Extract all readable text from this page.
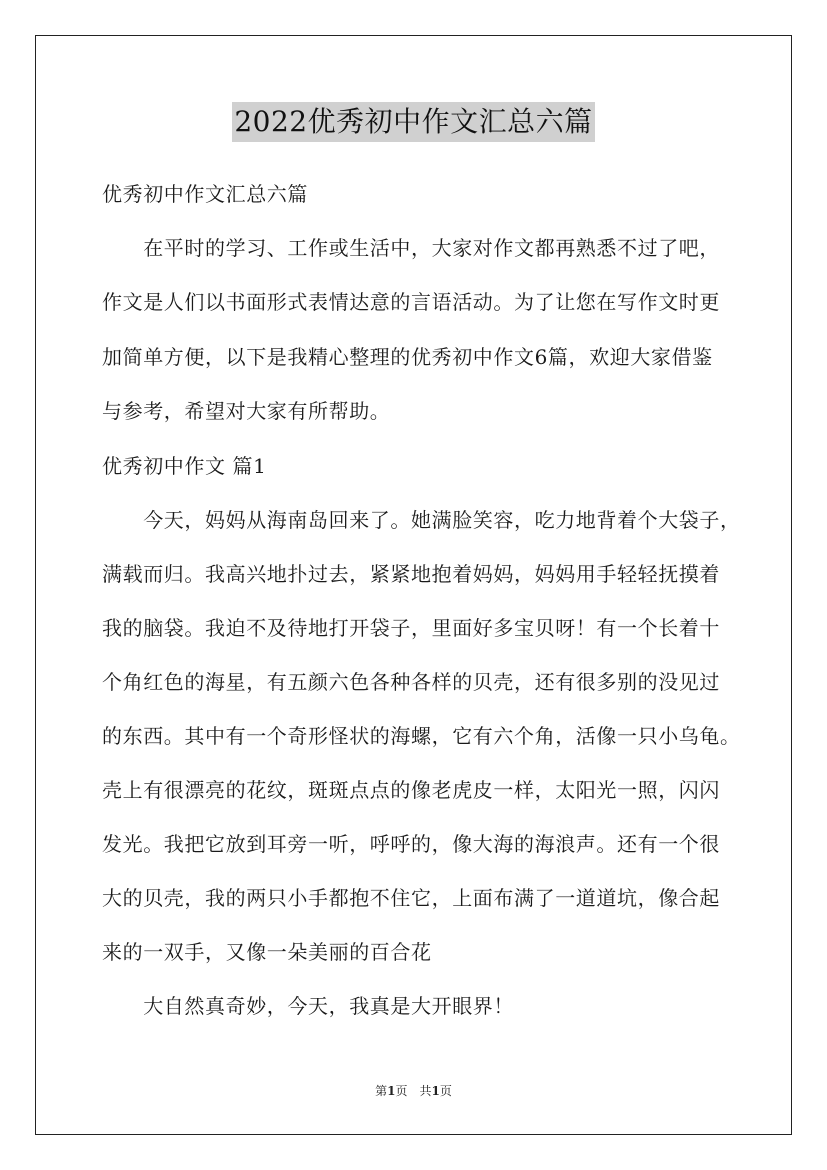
2022优秀初中作文汇总六篇
优秀初中作文汇总六篇
　　在平时的学习、工作或生活中，大家对作文都再熟悉不过了吧，
作文是人们以书面形式表情达意的言语活动。为了让您在写作文时更
加简单方便，以下是我精心整理的优秀初中作文6篇，欢迎大家借鉴
与参考，希望对大家有所帮助。
优秀初中作文 篇1
　　今天，妈妈从海南岛回来了。她满脸笑容，吃力地背着个大袋子，
满载而归。我高兴地扑过去，紧紧地抱着妈妈，妈妈用手轻轻抚摸着
我的脑袋。我迫不及待地打开袋子，里面好多宝贝呀！有一个长着十
个角红色的海星，有五颜六色各种各样的贝壳，还有很多别的没见过
的东西。其中有一个奇形怪状的海螺，它有六个角，活像一只小乌龟。
壳上有很漂亮的花纹，斑斑点点的像老虎皮一样，太阳光一照，闪闪
发光。我把它放到耳旁一听，呼呼的，像大海的海浪声。还有一个很
大的贝壳，我的两只小手都抱不住它，上面布满了一道道坑，像合起
来的一双手，又像一朵美丽的百合花
　　大自然真奇妙，今天，我真是大开眼界！
第1页　共1页
